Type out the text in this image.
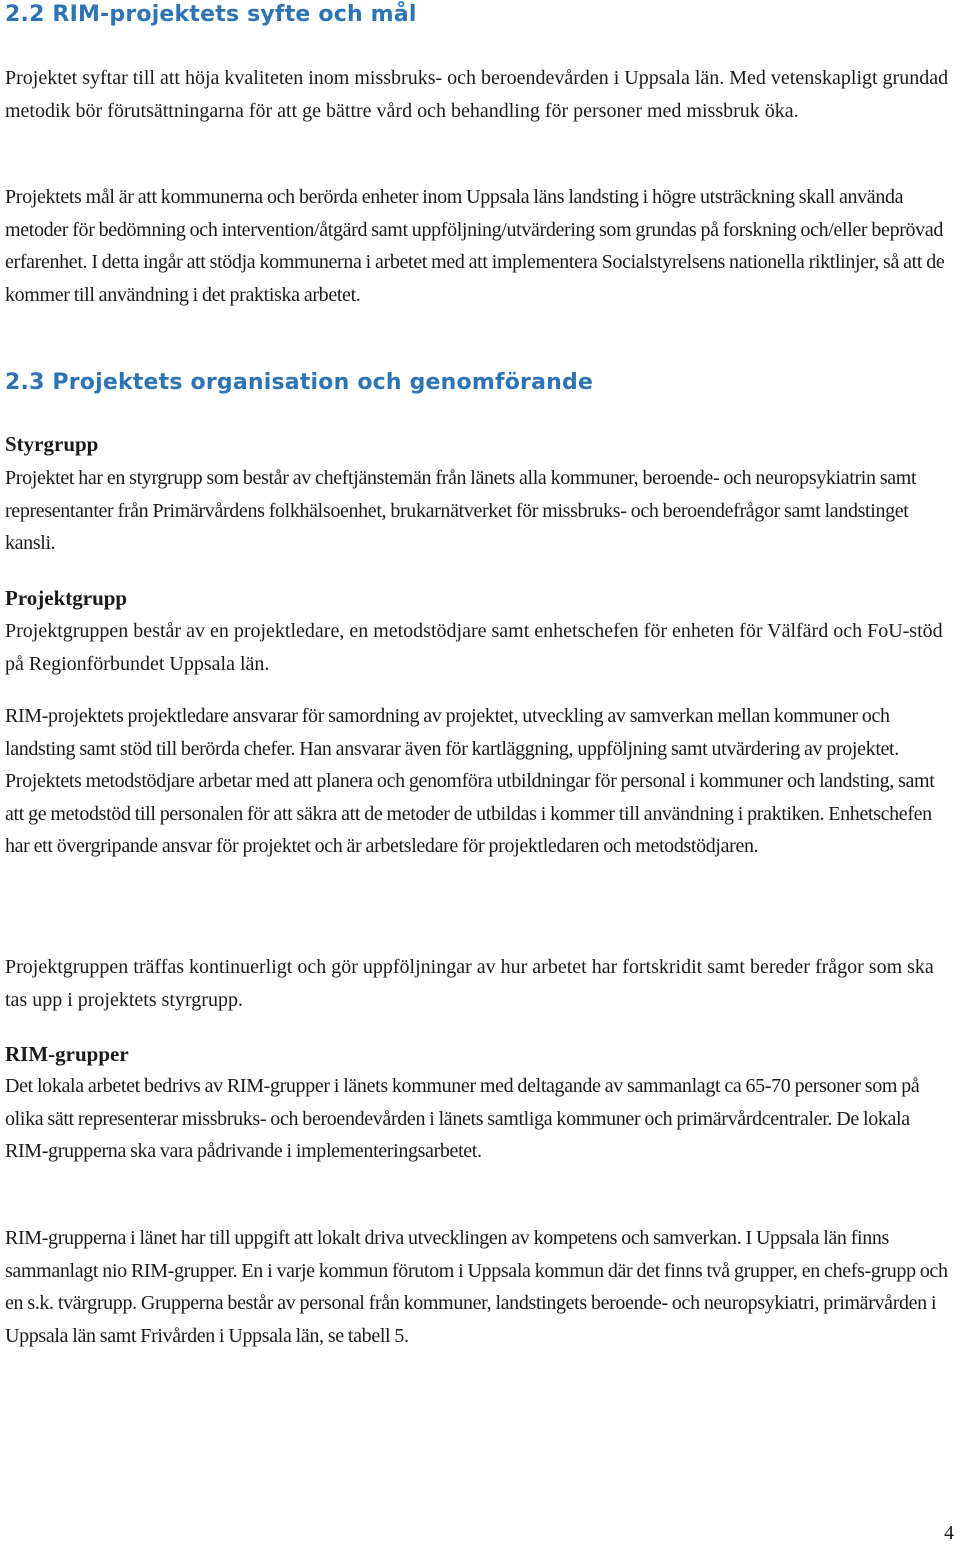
2.2 RIM-projektets syfte och mål

Projektet syftar till att höja kvaliteten inom missbruks- och beroendevården i Uppsala län. Med vetenskapligt grundad metodik bör förutsättningarna för att ge bättre vård och behandling för personer med missbruk öka.

Projektets mål är att kommunerna och berörda enheter inom Uppsala läns landsting i högre utsträckning skall använda metoder för bedömning och intervention/åtgärd samt uppföljning/utvärdering som grundas på forskning och/eller beprövad erfarenhet. I detta ingår att stödja kommunerna i arbetet med att implementera Socialstyrelsens nationella riktlinjer, så att de kommer till användning i det praktiska arbetet.

2.3 Projektets organisation och genomförande
Styrgrupp

Projektet har en styrgrupp som består av cheftjänstemän från länets alla kommuner, beroende- och neuropsykiatrin samt representanter från Primärvårdens folkhälsoenhet, brukarnätverket för missbruks- och beroendefrågor samt landstinget kansli.

Projektgrupp

Projektgruppen består av en projektledare, en metodstödjare samt enhetschefen för enheten för Välfärd och FoU-stöd på Regionförbundet Uppsala län.

RIM-projektets projektledare ansvarar för samordning av projektet, utveckling av samverkan mellan kommuner och landsting samt stöd till berörda chefer. Han ansvarar även för kartläggning, uppföljning samt utvärdering av projektet. Projektets metodstödjare arbetar med att planera och genomföra utbildningar för personal i kommuner och landsting, samt att ge metodstöd till personalen för att säkra att de metoder de utbildas i kommer till användning i praktiken. Enhetschefen har ett övergripande ansvar för projektet och är arbetsledare för projektledaren och metodstödjaren.

Projektgruppen träffas kontinuerligt och gör uppföljningar av hur arbetet har fortskridit samt bereder frågor som ska tas upp i projektets styrgrupp.

RIM-grupper

Det lokala arbetet bedrivs av RIM-grupper i länets kommuner med deltagande av sammanlagt ca 65-70 personer som på olika sätt representerar missbruks- och beroendevården i länets samtliga kommuner och primärvårdcentraler. De lokala RIM-grupperna ska vara pådrivande i implementeringsarbetet.

RIM-grupperna i länet har till uppgift att lokalt driva utvecklingen av kompetens och samverkan. I Uppsala län finns sammanlagt nio RIM-grupper. En i varje kommun förutom i Uppsala kommun där det finns två grupper, en chefs-grupp och en s.k. tvärgrupp. Grupperna består av personal från kommuner, landstingets beroende- och neuropsykiatri, primärvården i Uppsala län samt Frivården i Uppsala län, se tabell 5.

4
